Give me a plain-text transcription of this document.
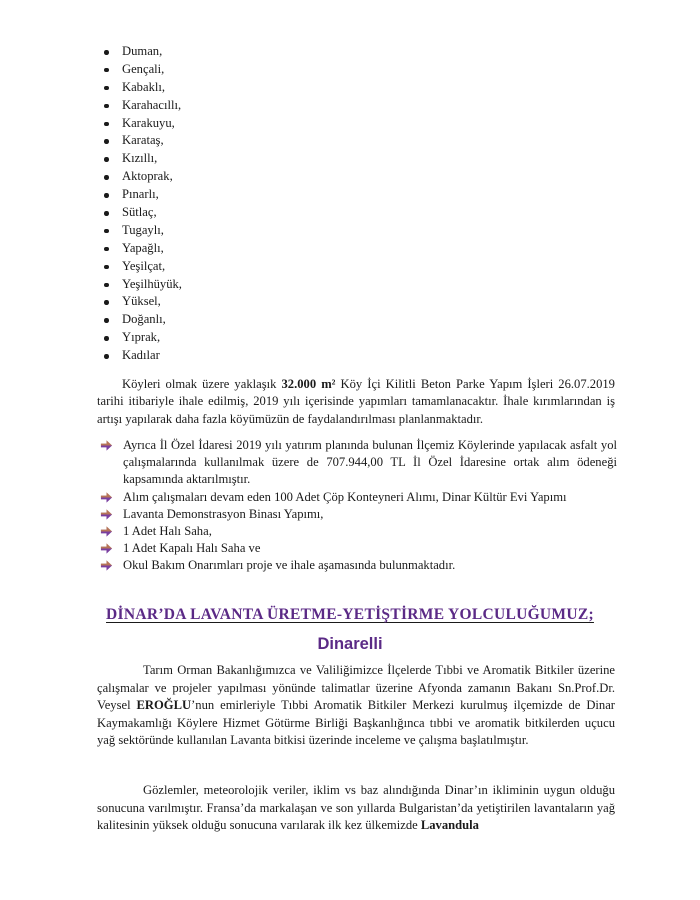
Duman,
Gençali,
Kabaklı,
Karahacıllı,
Karakuyu,
Karataş,
Kızıllı,
Aktoprak,
Pınarlı,
Sütlaç,
Tugaylı,
Yapağlı,
Yeşilçat,
Yeşilhüyük,
Yüksel,
Doğanlı,
Yıprak,
Kadılar

Köyleri olmak üzere yaklaşık 32.000 m² Köy İçi Kilitli Beton Parke Yapım İşleri 26.07.2019 tarihi itibariyle ihale edilmiş, 2019 yılı içerisinde yapımları tamamlanacaktır. İhale kırımlarından iş artışı yapılarak daha fazla köyümüzün de faydalandırılması planlanmaktadır.

Ayrıca İl Özel İdaresi 2019 yılı yatırım planında bulunan İlçemiz Köylerinde yapılacak asfalt yol çalışmalarında kullanılmak üzere de 707.944,00 TL İl Özel İdaresine ortak alım ödeneği kapsamında aktarılmıştır.
Alım çalışmaları devam eden 100 Adet Çöp Konteyneri Alımı, Dinar Kültür Evi Yapımı
Lavanta Demonstrasyon Binası Yapımı,
1 Adet Halı Saha,
1 Adet Kapalı Halı Saha ve
Okul Bakım Onarımları proje ve ihale aşamasında bulunmaktadır.
DİNAR’DA LAVANTA ÜRETME-YETİŞTİRME YOLCULUĞUMUZ;
Dinarelli

Tarım Orman Bakanlığımızca ve Valiliğimizce İlçelerde Tıbbi ve Aromatik Bitkiler üzerine çalışmalar ve projeler yapılması yönünde talimatlar üzerine Afyonda zamanın Bakanı Sn.Prof.Dr. Veysel EROĞLU’nun emirleriyle Tıbbi Aromatik Bitkiler Merkezi kurulmuş ilçemizde de Dinar Kaymakamlığı Köylere Hizmet Götürme Birliği Başkanlığınca tıbbi ve aromatik bitkilerden uçucu yağ sektöründe kullanılan Lavanta bitkisi üzerinde inceleme ve çalışma başlatılmıştır.

Gözlemler, meteorolojik veriler, iklim vs baz alındığında Dinar’ın ikliminin uygun olduğu sonucuna varılmıştır. Fransa’da markalaşan ve son yıllarda Bulgaristan’da yetiştirilen lavantaların yağ kalitesinin yüksek olduğu sonucuna varılarak ilk kez ülkemizde Lavandula
